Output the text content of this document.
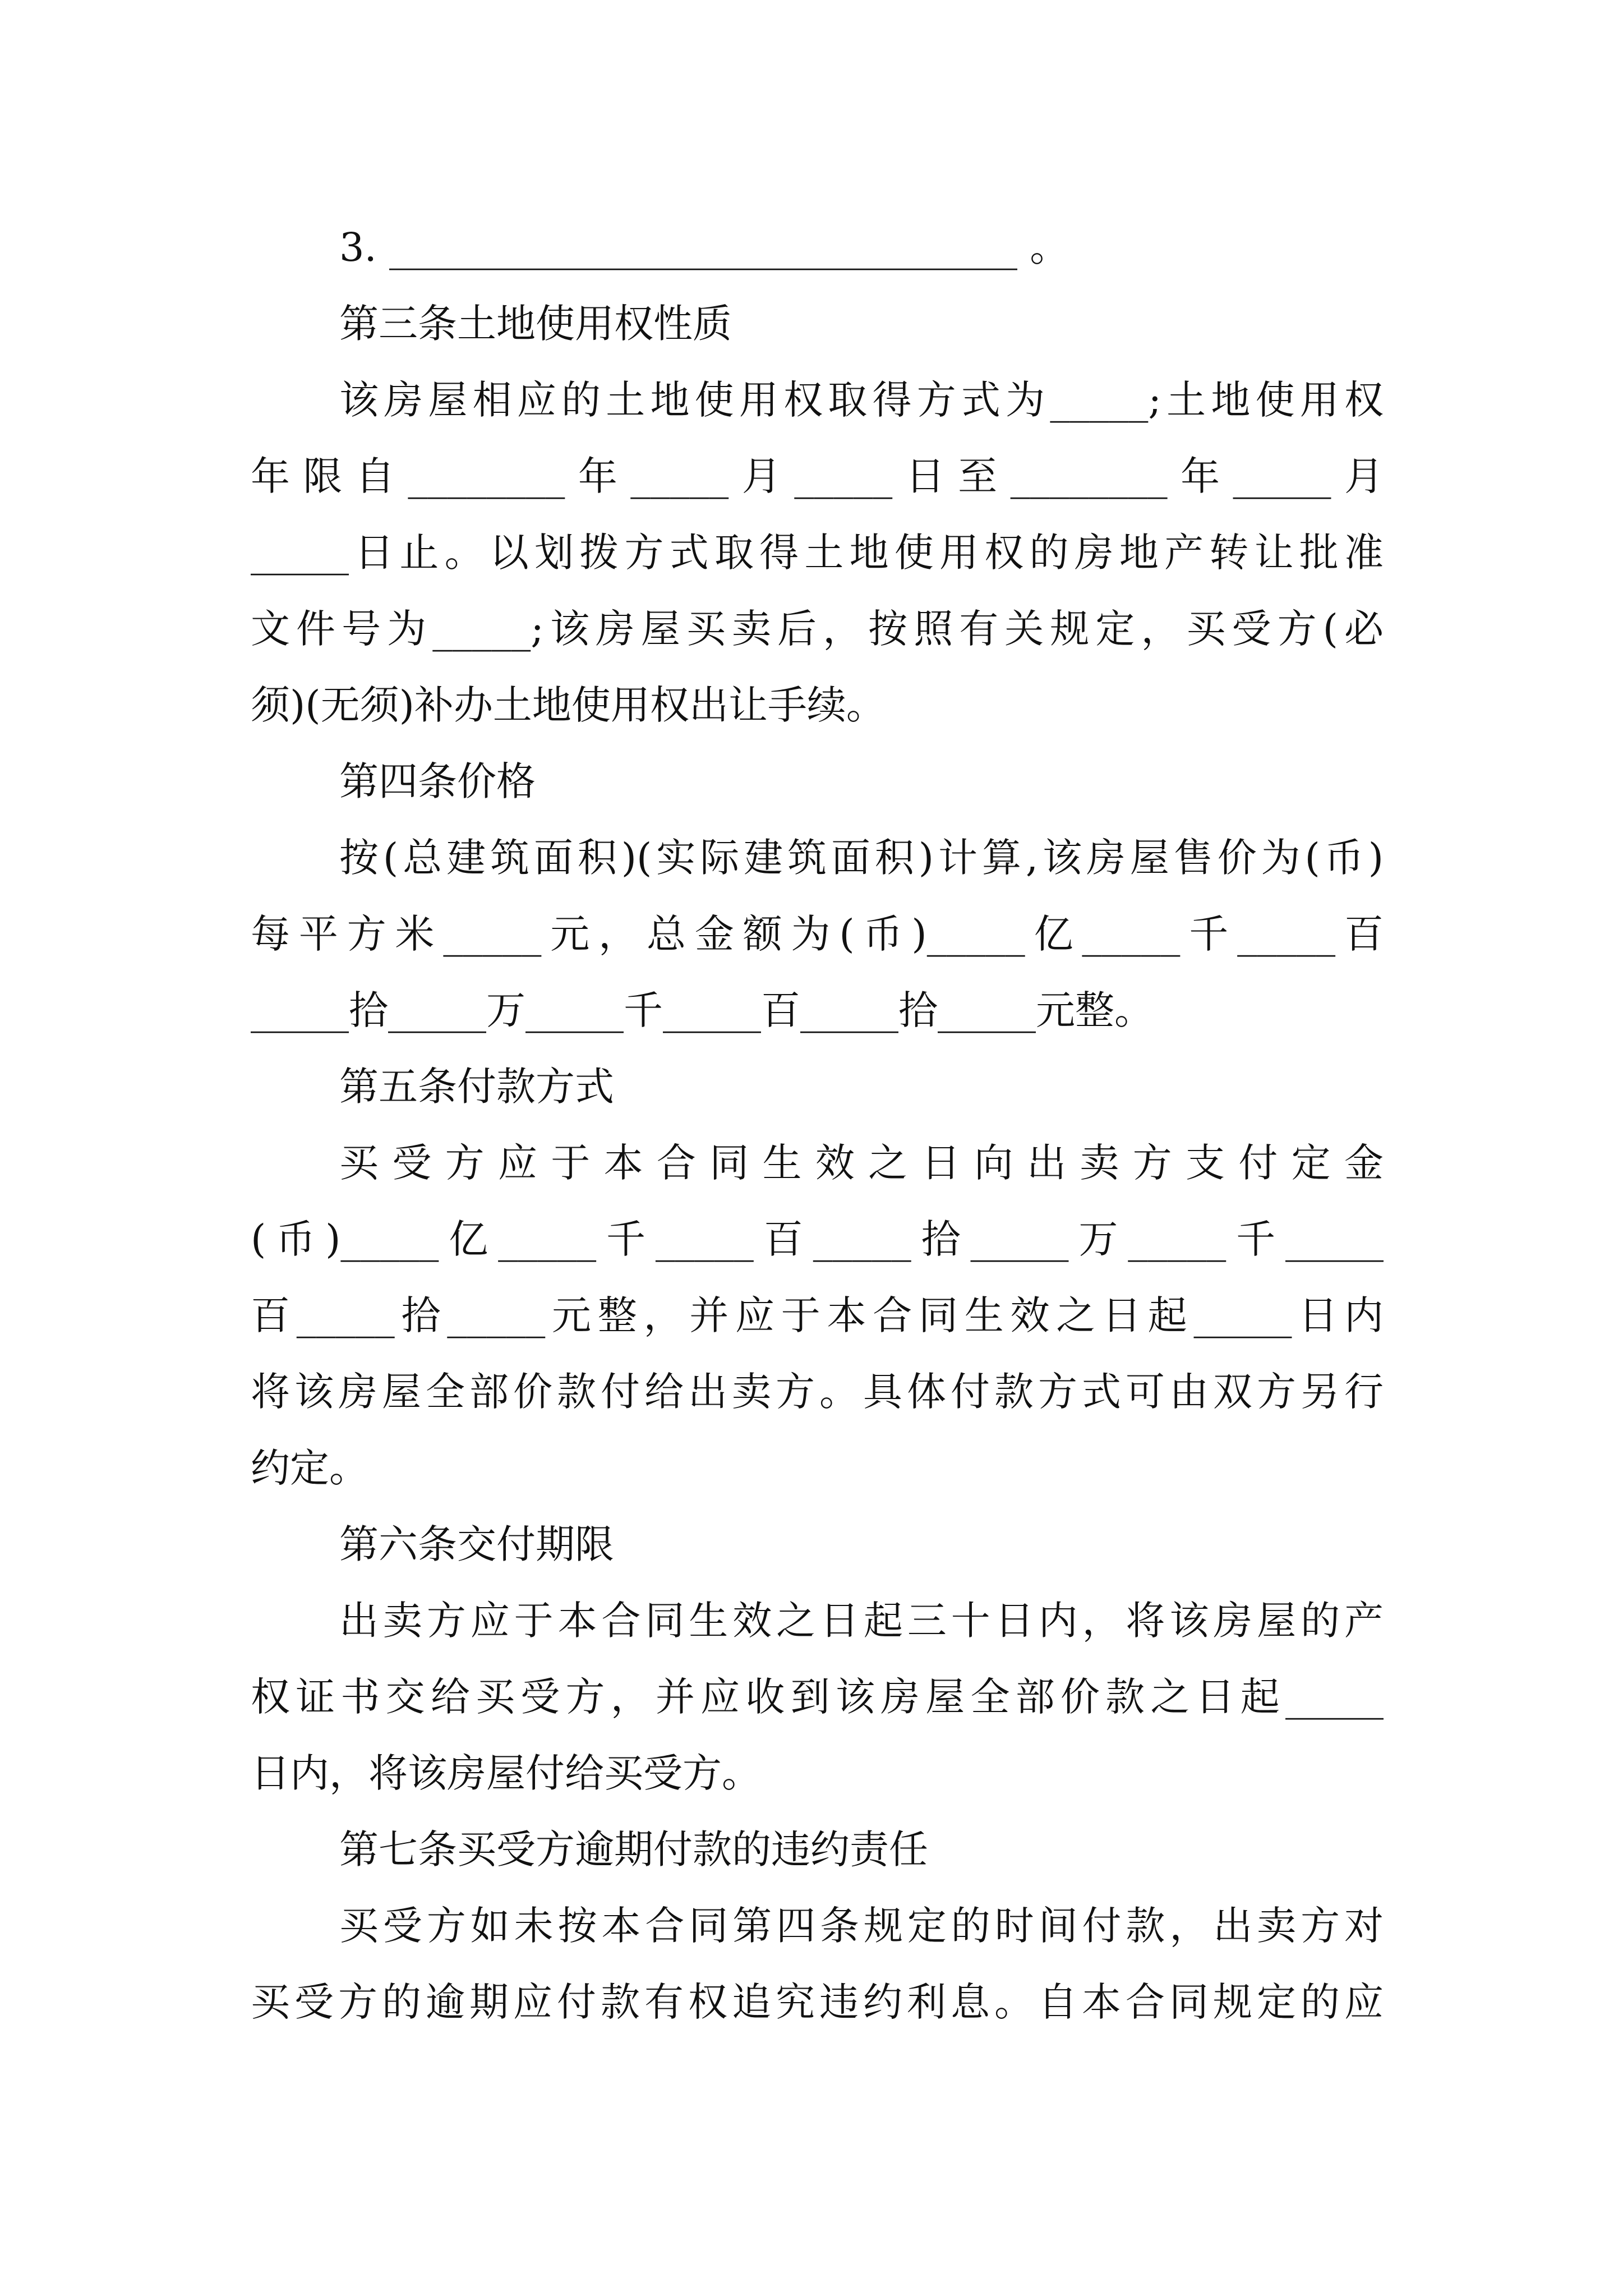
3. ________________________________ 。
第三条土地使用权性质
该房屋相应的土地使用权取得方式为_____;土地使用权
年限自________年_____月_____日至________年_____月
_____日止。以划拨方式取得土地使用权的房地产转让批准
文件号为_____;该房屋买卖后，按照有关规定，买受方(必
须)(无须)补办土地使用权出让手续。
第四条价格
按(总建筑面积)(实际建筑面积)计算,该房屋售价为(币)
每平方米_____元，总金额为(币)_____亿_____千_____百
_____拾_____万_____千_____百_____拾_____元整。
第五条付款方式
买受方应于本合同生效之日向出卖方支付定金
(币)_____亿_____千_____百_____拾_____万_____千_____
百_____拾_____元整，并应于本合同生效之日起_____日内
将该房屋全部价款付给出卖方。具体付款方式可由双方另行
约定。
第六条交付期限
出卖方应于本合同生效之日起三十日内，将该房屋的产
权证书交给买受方，并应收到该房屋全部价款之日起_____
日内，将该房屋付给买受方。
第七条买受方逾期付款的违约责任
买受方如未按本合同第四条规定的时间付款，出卖方对
买受方的逾期应付款有权追究违约利息。自本合同规定的应
